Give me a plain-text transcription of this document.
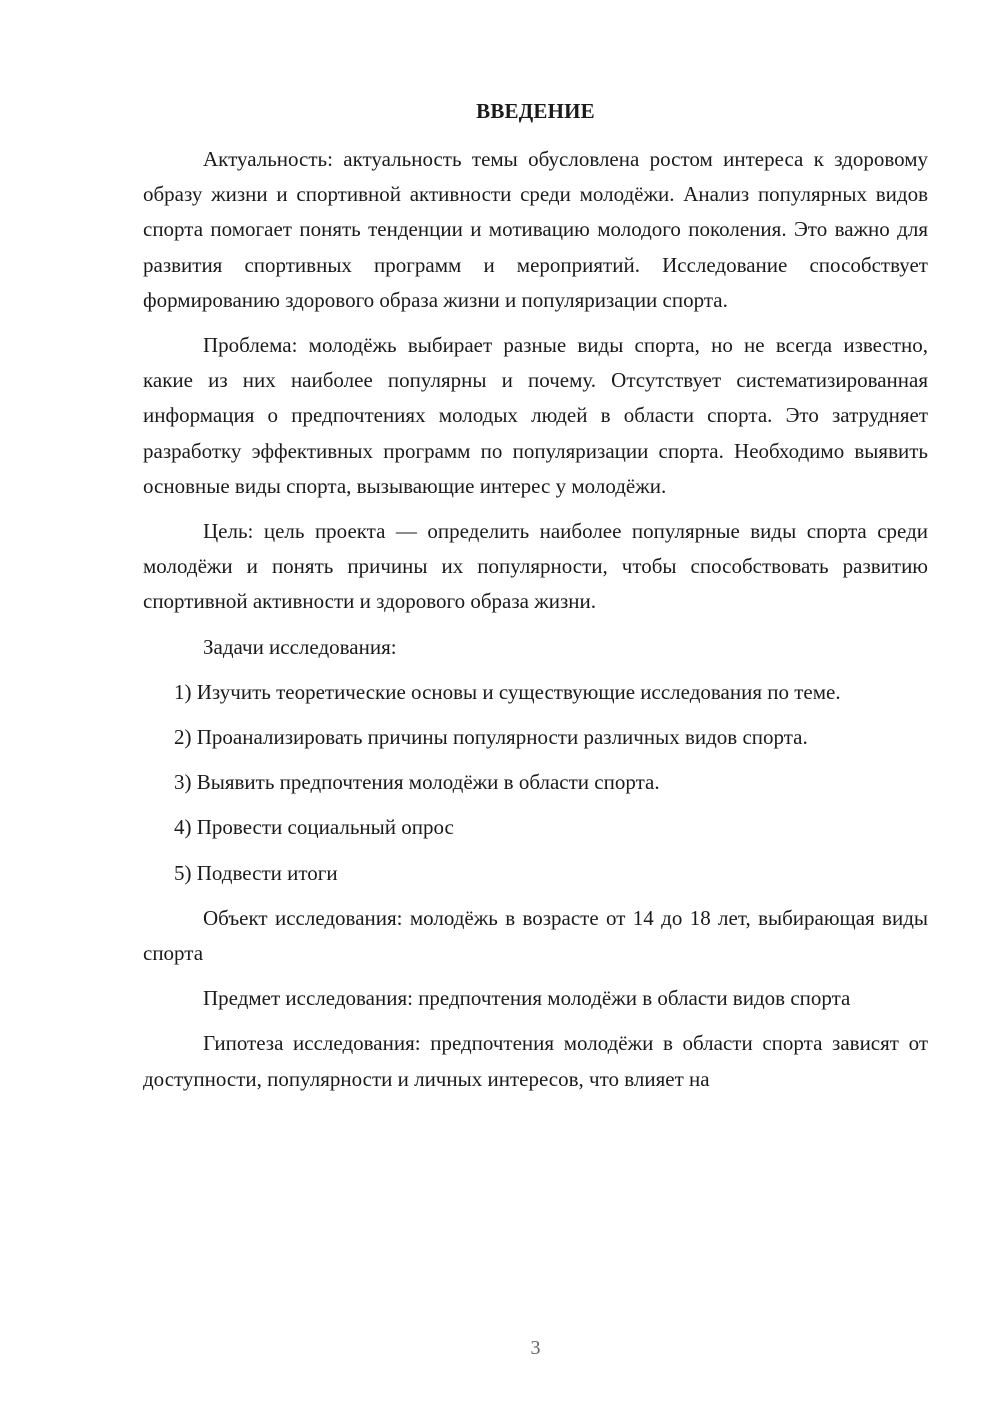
ВВЕДЕНИЕ

Актуальность: актуальность темы обусловлена ростом интереса к здоровому образу жизни и спортивной активности среди молодёжи. Анализ популярных видов спорта помогает понять тенденции и мотивацию молодого поколения. Это важно для развития спортивных программ и мероприятий. Исследование способствует формированию здорового образа жизни и популяризации спорта.

Проблема: молодёжь выбирает разные виды спорта, но не всегда известно, какие из них наиболее популярны и почему. Отсутствует систематизированная информация о предпочтениях молодых людей в области спорта. Это затрудняет разработку эффективных программ по популяризации спорта. Необходимо выявить основные виды спорта, вызывающие интерес у молодёжи.

Цель: цель проекта — определить наиболее популярные виды спорта среди молодёжи и понять причины их популярности, чтобы способствовать развитию спортивной активности и здорового образа жизни.

Задачи исследования:

1) Изучить теоретические основы и существующие исследования по теме.

2) Проанализировать причины популярности различных видов спорта.

3) Выявить предпочтения молодёжи в области спорта.

4) Провести социальный опрос

5) Подвести итоги

Объект исследования: молодёжь в возрасте от 14 до 18 лет, выбирающая виды спорта

Предмет исследования: предпочтения молодёжи в области видов спорта

Гипотеза исследования: предпочтения молодёжи в области спорта зависят от доступности, популярности и личных интересов, что влияет на

3
